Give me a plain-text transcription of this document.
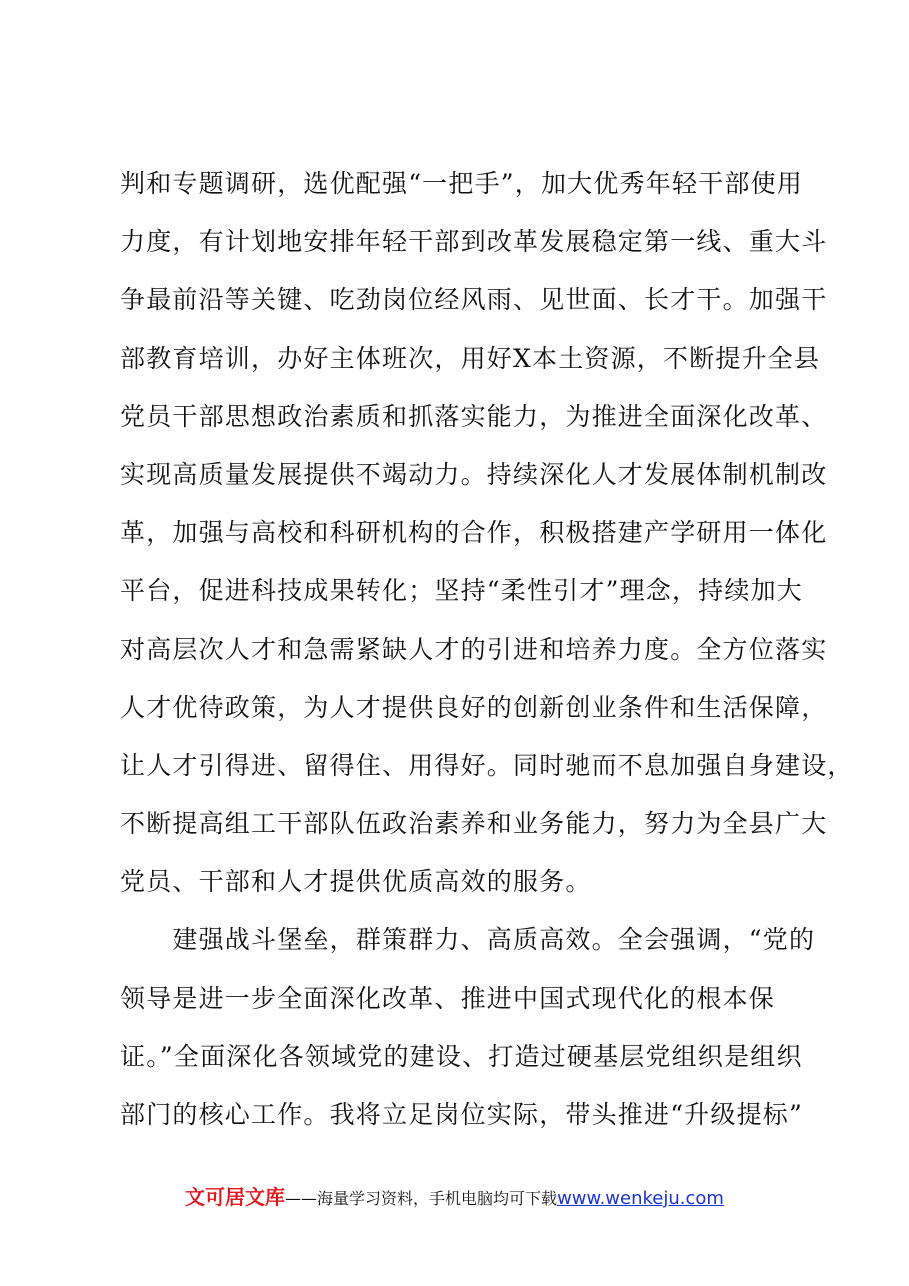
判和专题调研，选优配强“一把手”，加大优秀年轻干部使用
力度，有计划地安排年轻干部到改革发展稳定第一线、重大斗
争最前沿等关键、吃劲岗位经风雨、见世面、长才干。加强干
部教育培训，办好主体班次，用好X本土资源，不断提升全县
党员干部思想政治素质和抓落实能力，为推进全面深化改革、
实现高质量发展提供不竭动力。持续深化人才发展体制机制改
革，加强与高校和科研机构的合作，积极搭建产学研用一体化
平台，促进科技成果转化；坚持“柔性引才”理念，持续加大
对高层次人才和急需紧缺人才的引进和培养力度。全方位落实
人才优待政策，为人才提供良好的创新创业条件和生活保障，
让人才引得进、留得住、用得好。同时驰而不息加强自身建设，
不断提高组工干部队伍政治素养和业务能力，努力为全县广大
党员、干部和人才提供优质高效的服务。
　　建强战斗堡垒，群策群力、高质高效。全会强调，“党的
领导是进一步全面深化改革、推进中国式现代化的根本保
证。”全面深化各领域党的建设、打造过硬基层党组织是组织
部门的核心工作。我将立足岗位实际，带头推进“升级提标”
文可居文库——海量学习资料，手机电脑均可下载www.wenkeju.com
